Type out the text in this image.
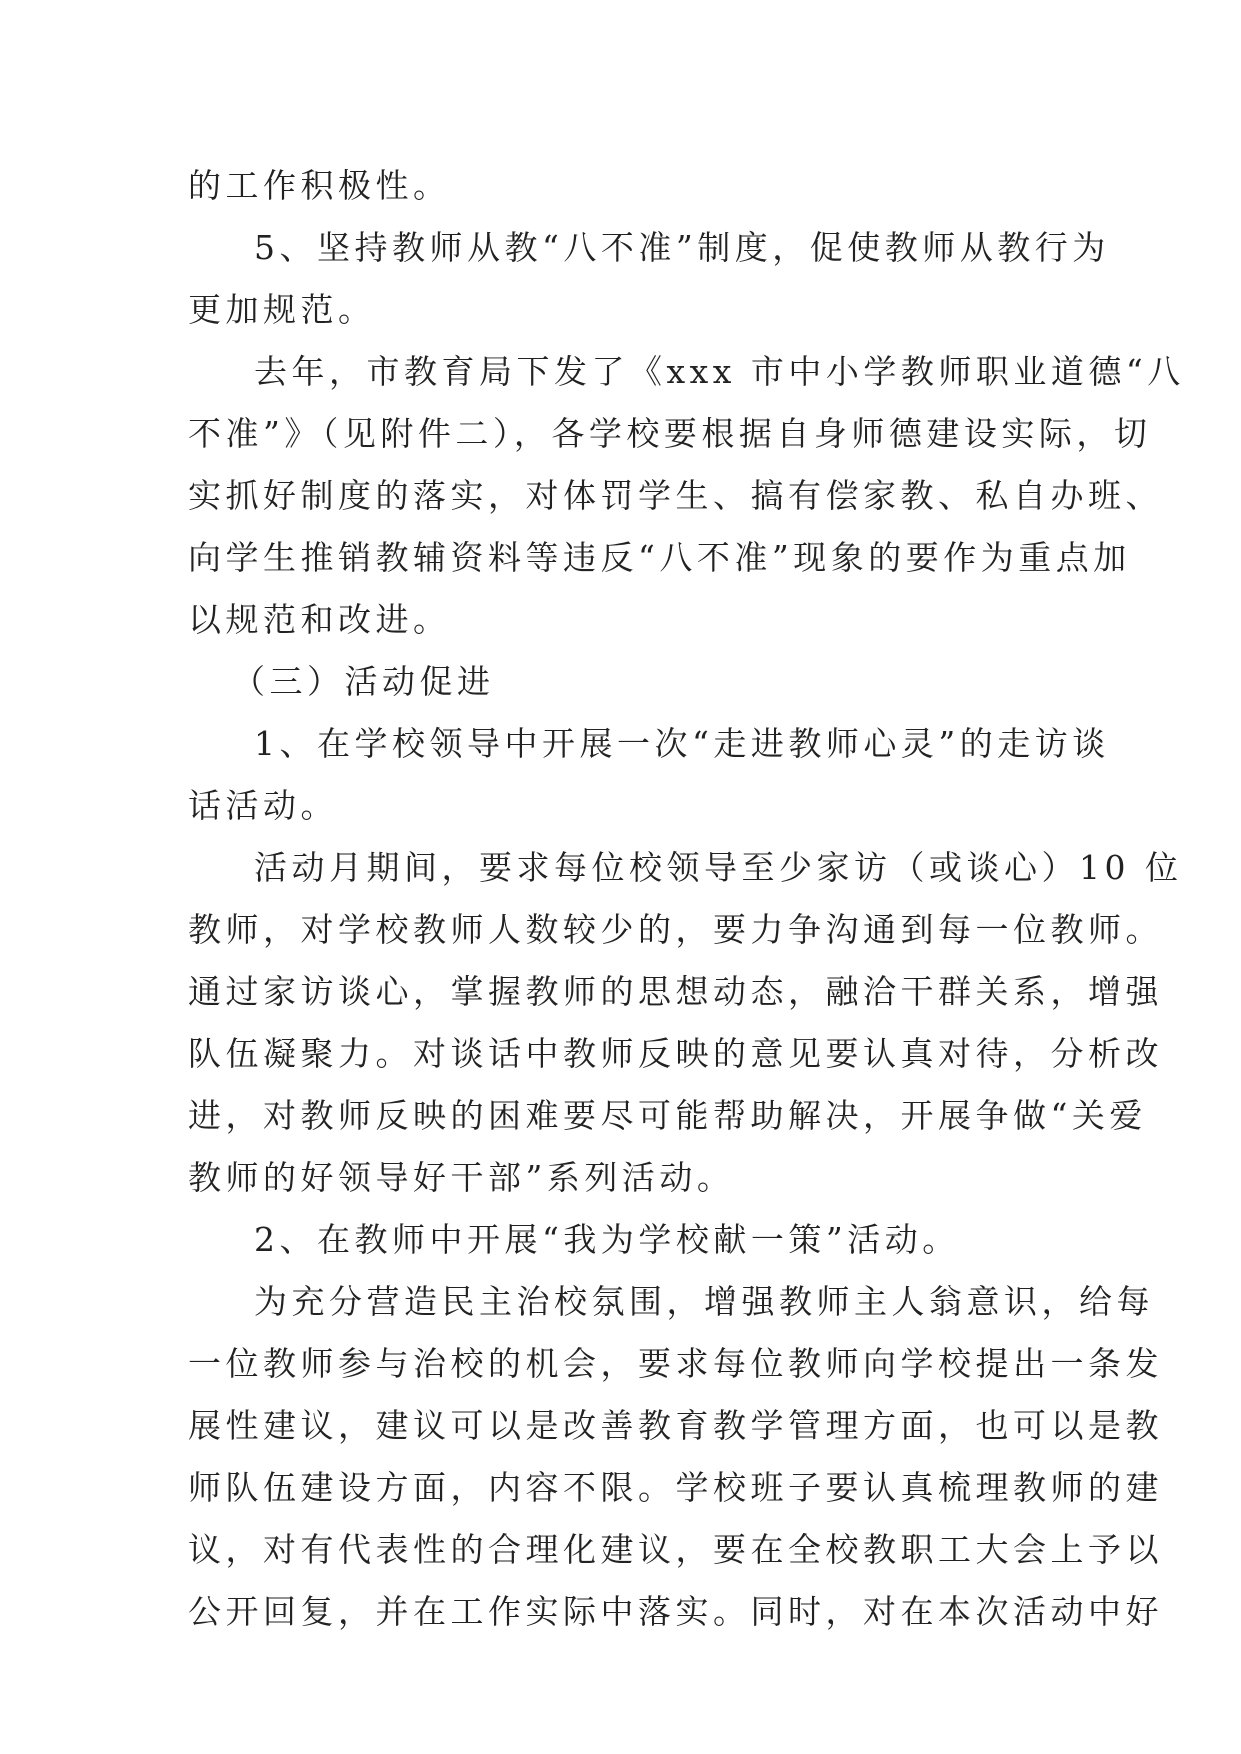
的工作积极性。
5、坚持教师从教“八不准”制度，促使教师从教行为
更加规范。
去年，市教育局下发了《xxx 市中小学教师职业道德“八
不准”》（见附件二），各学校要根据自身师德建设实际，切
实抓好制度的落实，对体罚学生、搞有偿家教、私自办班、
向学生推销教辅资料等违反“八不准”现象的要作为重点加
以规范和改进。
（三）活动促进
1、在学校领导中开展一次“走进教师心灵”的走访谈
话活动。
活动月期间，要求每位校领导至少家访（或谈心）10 位
教师，对学校教师人数较少的，要力争沟通到每一位教师。
通过家访谈心，掌握教师的思想动态，融洽干群关系，增强
队伍凝聚力。对谈话中教师反映的意见要认真对待，分析改
进，对教师反映的困难要尽可能帮助解决，开展争做“关爱
教师的好领导好干部”系列活动。
2、在教师中开展“我为学校献一策”活动。
为充分营造民主治校氛围，增强教师主人翁意识，给每
一位教师参与治校的机会，要求每位教师向学校提出一条发
展性建议，建议可以是改善教育教学管理方面，也可以是教
师队伍建设方面，内容不限。学校班子要认真梳理教师的建
议，对有代表性的合理化建议，要在全校教职工大会上予以
公开回复，并在工作实际中落实。同时，对在本次活动中好
